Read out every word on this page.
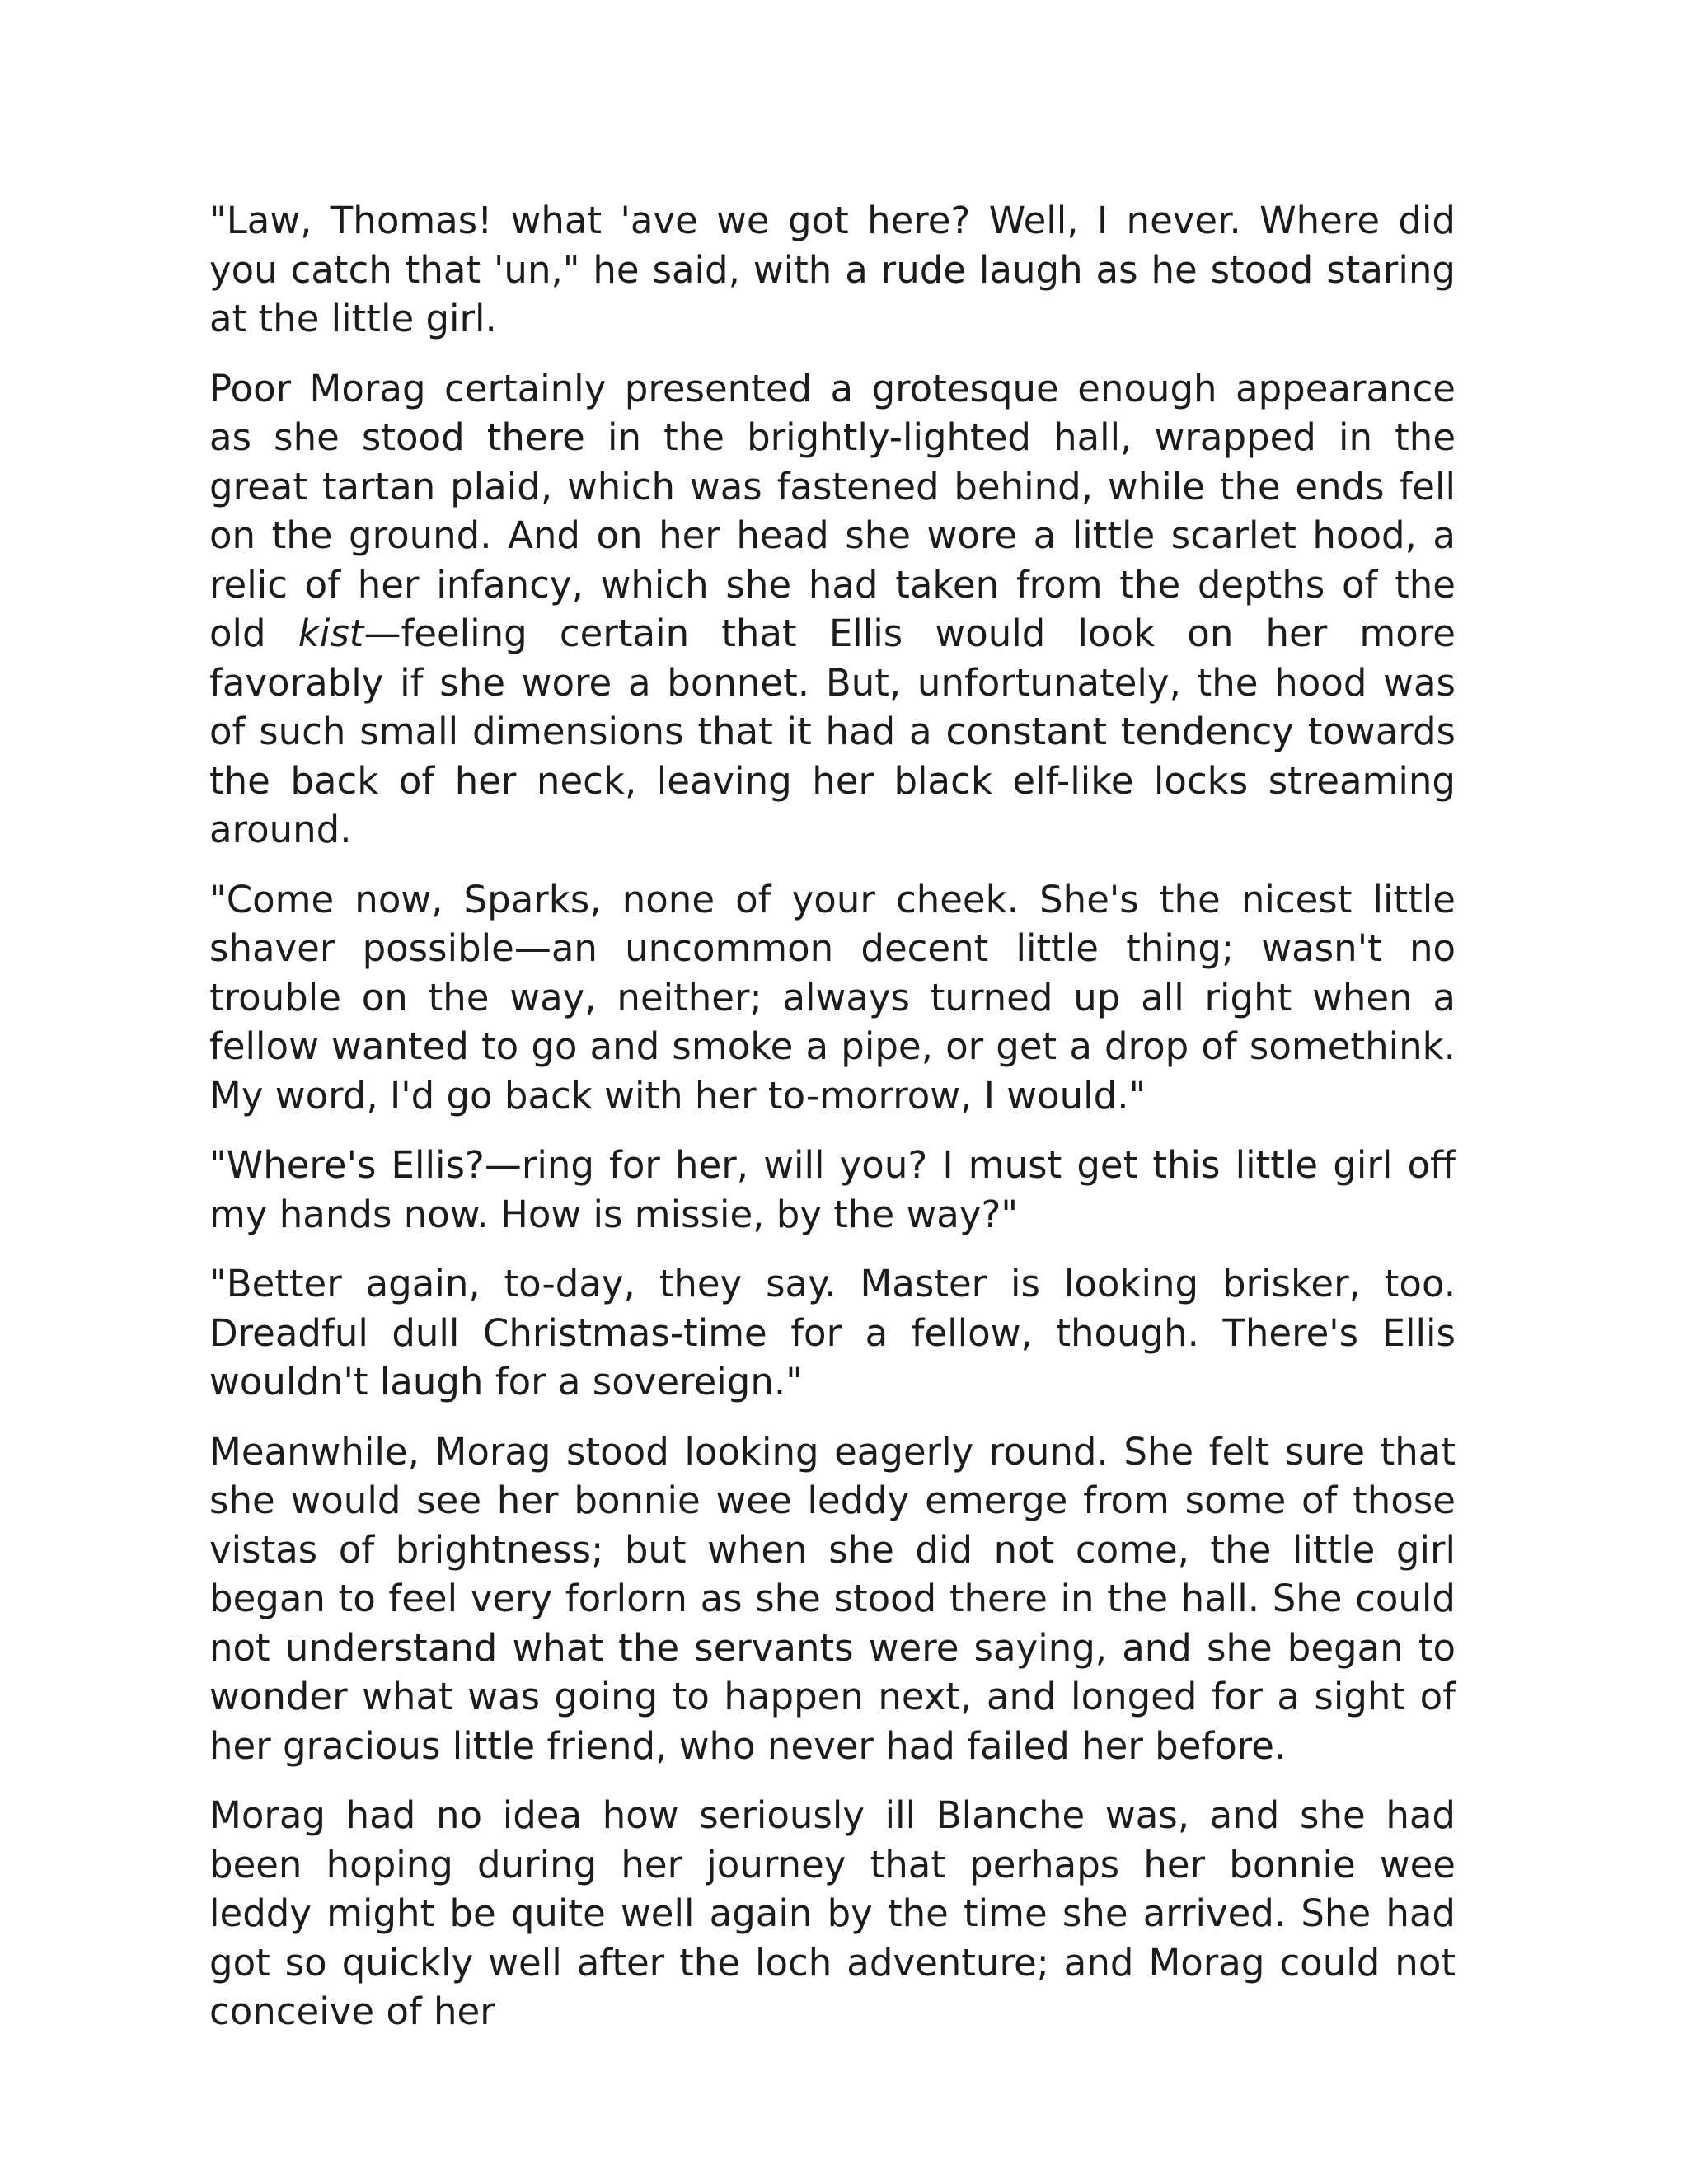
"Law, Thomas! what 'ave we got here? Well, I never. Where did you catch that 'un," he said, with a rude laugh as he stood staring at the little girl.

Poor Morag certainly presented a grotesque enough appearance as she stood there in the brightly-lighted hall, wrapped in the great tartan plaid, which was fastened behind, while the ends fell on the ground. And on her head she wore a little scarlet hood, a relic of her infancy, which she had taken from the depths of the old kist—feeling certain that Ellis would look on her more favorably if she wore a bonnet. But, unfortunately, the hood was of such small dimensions that it had a constant tendency towards the back of her neck, leaving her black elf-like locks streaming around.

"Come now, Sparks, none of your cheek. She's the nicest little shaver possible—an uncommon decent little thing; wasn't no trouble on the way, neither; always turned up all right when a fellow wanted to go and smoke a pipe, or get a drop of somethink. My word, I'd go back with her to-morrow, I would."

"Where's Ellis?—ring for her, will you? I must get this little girl off my hands now. How is missie, by the way?"

"Better again, to-day, they say. Master is looking brisker, too. Dreadful dull Christmas-time for a fellow, though. There's Ellis wouldn't laugh for a sovereign."

Meanwhile, Morag stood looking eagerly round. She felt sure that she would see her bonnie wee leddy emerge from some of those vistas of brightness; but when she did not come, the little girl began to feel very forlorn as she stood there in the hall. She could not understand what the servants were saying, and she began to wonder what was going to happen next, and longed for a sight of her gracious little friend, who never had failed her before.

Morag had no idea how seriously ill Blanche was, and she had been hoping during her journey that perhaps her bonnie wee leddy might be quite well again by the time she arrived. She had got so quickly well after the loch adventure; and Morag could not conceive of her
